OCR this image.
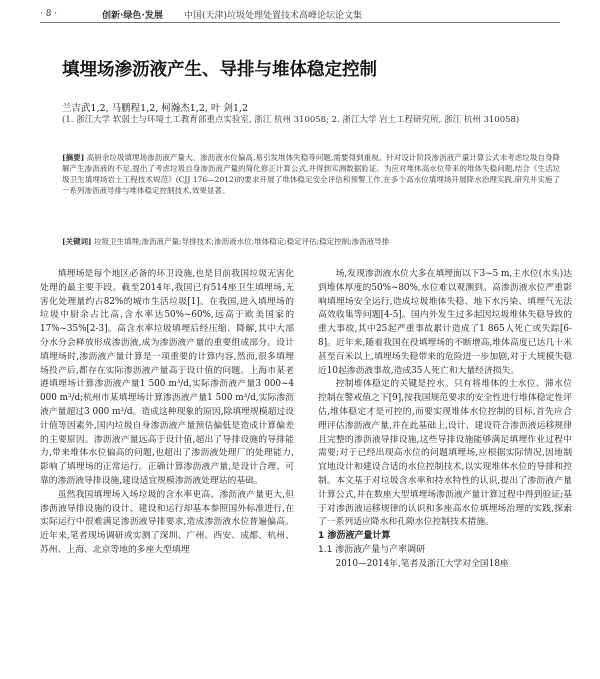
· 8 ·	创新·绿色·发展	中国(天津)垃圾处理处置技术高峰论坛论文集
填埋场渗沥液产生、导排与堆体稳定控制
兰吉武1,2, 马鹏程1,2, 柯瀚杰1,2, 叶 剑1,2
(1. 浙江大学 软弱土与环境土工教育部重点实验室, 浙江 杭州 310058; 2. 浙江大学 岩土工程研究所, 浙江 杭州 310058)
[摘要] 高厨余垃圾填埋场渗沥液产量大、渗沥液水位偏高,易引发堆体失稳等问题,需要得到重视。针对设计阶段渗沥液产量计算公式未考虑垃圾自身降解产生渗沥液的不足,提出了考虑垃圾自身渗沥液产量的简化修正计算公式,并得到实测数据验证。为应对堆体高水位带来的堆体失稳问题,结合《生活垃圾卫生填埋场岩土工程技术规范》(CJJ 176—2012)的要求开展了堆体稳定安全评估和预警工作,在多个高水位填埋场开展降水治理实践,研究并实施了一系列渗沥液导排与堆体稳定控制技术,效果显著。
[关键词] 垃圾卫生填埋;渗沥液产量;导排技术;渗沥液水位;堆体稳定;稳定评估;稳定控制;渗沥液导排

填埋场是每个地区必备的环卫设施,也是目前我国垃圾无害化处理的最主要手段。截至2014年,我国已有514座卫生填埋场,无害化处理量约占82%的城市生活垃圾[1]。在我国,进入填埋场的垃圾中厨余占比高,含水率达50%~60%,远高于欧美国家的17%~35%[2-3]。高含水率垃圾填埋后经压缩、降解,其中大部分水分会释放形成渗沥液,成为渗沥液产量的重要组成部分。设计填埋场时,渗沥液产量计算是一项重要的计算内容,然而,很多填埋场投产后,都存在实际渗沥液产量高于设计值的问题。上海市某老港填埋场计算渗沥液产量1 500 m³/d,实际渗沥液产量3 000~4 000 m³/d;杭州市某填埋场计算渗沥液产量1 500 m³/d,实际渗沥液产量超过3 000 m³/d。造成这种现象的原因,除填埋规模超过设计值等因素外,国内垃圾自身渗沥液产量预估偏低是造成计算偏差的主要原因。渗沥液产量远高于设计值,超出了导排设施的导排能力,带来堆体水位偏高的问题,也超出了渗沥液处理厂的处理能力,影响了填埋场的正常运行。正确计算渗沥液产量,是设计合理、可靠的渗沥液导排设施,建设适宜规模渗沥液处理站的基础。

虽然我国填埋场入场垃圾的含水率更高、渗沥液产量更大,但渗沥液导排设施的设计、建设和运行却基本参照国外标准进行,在实际运行中很难满足渗沥液导排要求,造成渗沥液水位普遍偏高。近年来,笔者现场调研或实测了深圳、广州、西安、成都、杭州、苏州、上海、北京等地的多座大型填埋

场,发现渗沥液水位大多在填埋面以下3~5 m,主水位(水头)达到堆体厚度的50%~80%,水位难以观测到。高渗沥液水位严重影响填埋场安全运行,造成垃圾堆体失稳、地下水污染、填埋气无法高效收集等问题[4-5]。国内外发生过多起因垃圾堆体失稳导致的重大事故,其中25起严重事故累计造成了1 865人死亡或失踪[6-8]。近年来,随着我国在役填埋场的不断增高,堆体高度已达几十米甚至百米以上,填埋场失稳带来的危险进一步加剧,对于大规模失稳近10起渗沥液事故,造成35人死亡和大量经济损失。

控制堆体稳定的关键是控水。只有将堆体的土水位、滞水位控制在警戒值之下[9],按我国规范要求的安全性进行堆体稳定性评估,堆体稳定才是可控的,而要实现堆体水位控制的目标,首先应合理评估渗沥液产量,并在此基础上,设计、建设符合渗沥液运移规律且完整的渗沥液导排设施,这些导排设施能够满足填埋作业过程中需要;对于已经出现高水位的问题填埋场,应根据实际情况,因地制宜地设计和建设合适的水位控制技术,以实现堆体水位的导排和控制。本文基于对垃圾含水率和持水特性的认识,提出了渗沥液产量计算公式,并在数座大型填埋场渗沥液产量计算过程中得到验证;基于对渗沥液运移规律的认识和多座高水位填埋场治理的实践,探索了一系列适应降水和孔隙水位控制技术措施。

1 渗沥液产量计算

1.1 渗沥液产量与产率调研

2010—2014年,笔者及浙江大学对全国18座
